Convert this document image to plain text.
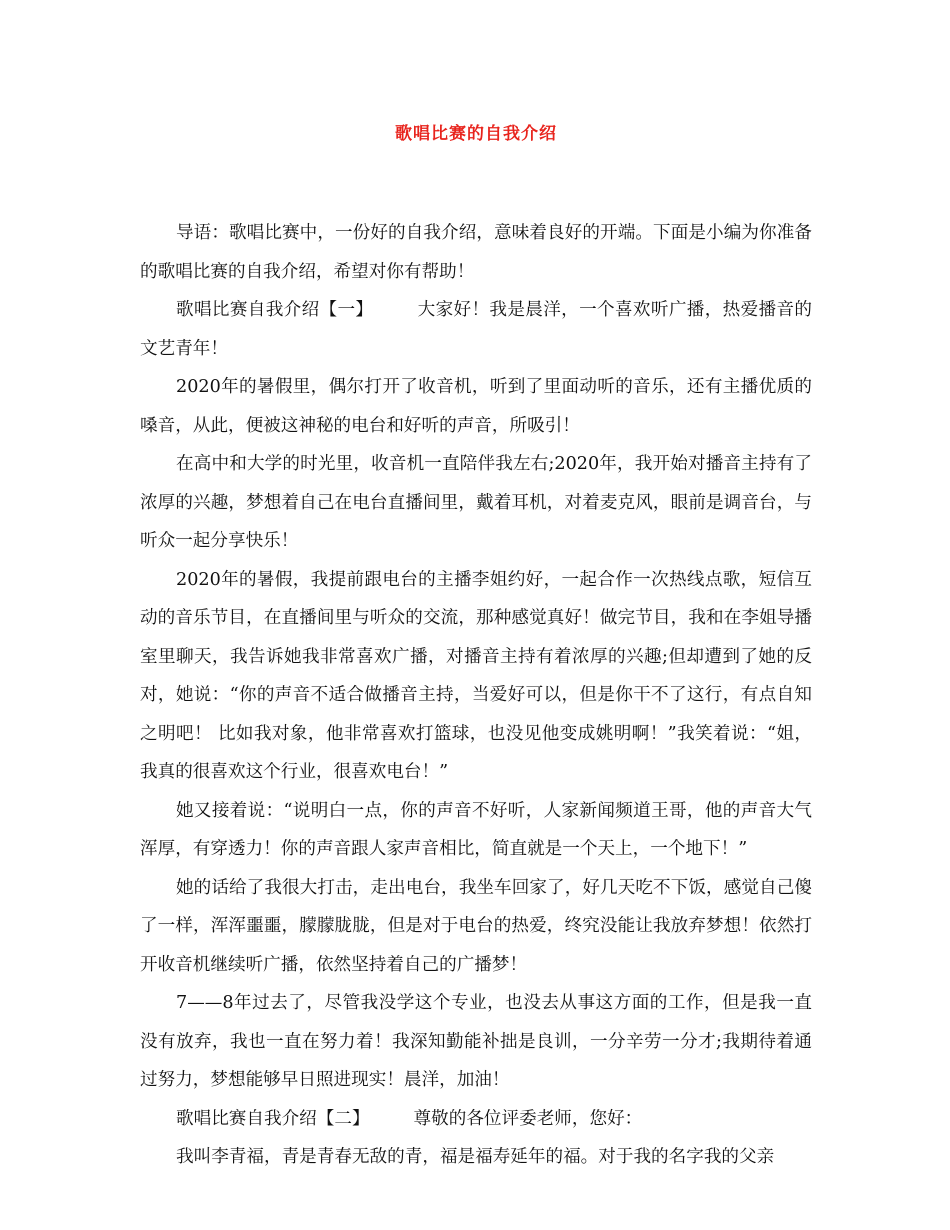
歌唱比赛的自我介绍

导语：歌唱比赛中，一份好的自我介绍，意味着良好的开端。下面是小编为你准备的歌唱比赛的自我介绍，希望对你有帮助！

歌唱比赛自我介绍【一】	大家好！我是晨洋，一个喜欢听广播，热爱播音的文艺青年！

2020年的暑假里，偶尔打开了收音机，听到了里面动听的音乐，还有主播优质的嗓音，从此，便被这神秘的电台和好听的声音，所吸引！

在高中和大学的时光里，收音机一直陪伴我左右;2020年，我开始对播音主持有了浓厚的兴趣，梦想着自己在电台直播间里，戴着耳机，对着麦克风，眼前是调音台，与听众一起分享快乐！

2020年的暑假，我提前跟电台的主播李姐约好，一起合作一次热线点歌，短信互动的音乐节目，在直播间里与听众的交流，那种感觉真好！做完节目，我和在李姐导播室里聊天，我告诉她我非常喜欢广播，对播音主持有着浓厚的兴趣;但却遭到了她的反对，她说：“你的声音不适合做播音主持，当爱好可以，但是你干不了这行，有点自知之明吧！ 比如我对象，他非常喜欢打篮球，也没见他变成姚明啊！”我笑着说：“姐，我真的很喜欢这个行业，很喜欢电台！”

她又接着说：“说明白一点，你的声音不好听，人家新闻频道王哥，他的声音大气浑厚，有穿透力！你的声音跟人家声音相比，简直就是一个天上，一个地下！”

她的话给了我很大打击，走出电台，我坐车回家了，好几天吃不下饭，感觉自己傻了一样，浑浑噩噩，朦朦胧胧，但是对于电台的热爱，终究没能让我放弃梦想！依然打开收音机继续听广播，依然坚持着自己的广播梦！

7——8年过去了，尽管我没学这个专业，也没去从事这方面的工作，但是我一直没有放弃，我也一直在努力着！我深知勤能补拙是良训，一分辛劳一分才;我期待着通过努力，梦想能够早日照进现实！晨洋，加油！

歌唱比赛自我介绍【二】	尊敬的各位评委老师，您好：

我叫李青福，青是青春无敌的青，福是福寿延年的福。对于我的名字我的父亲
